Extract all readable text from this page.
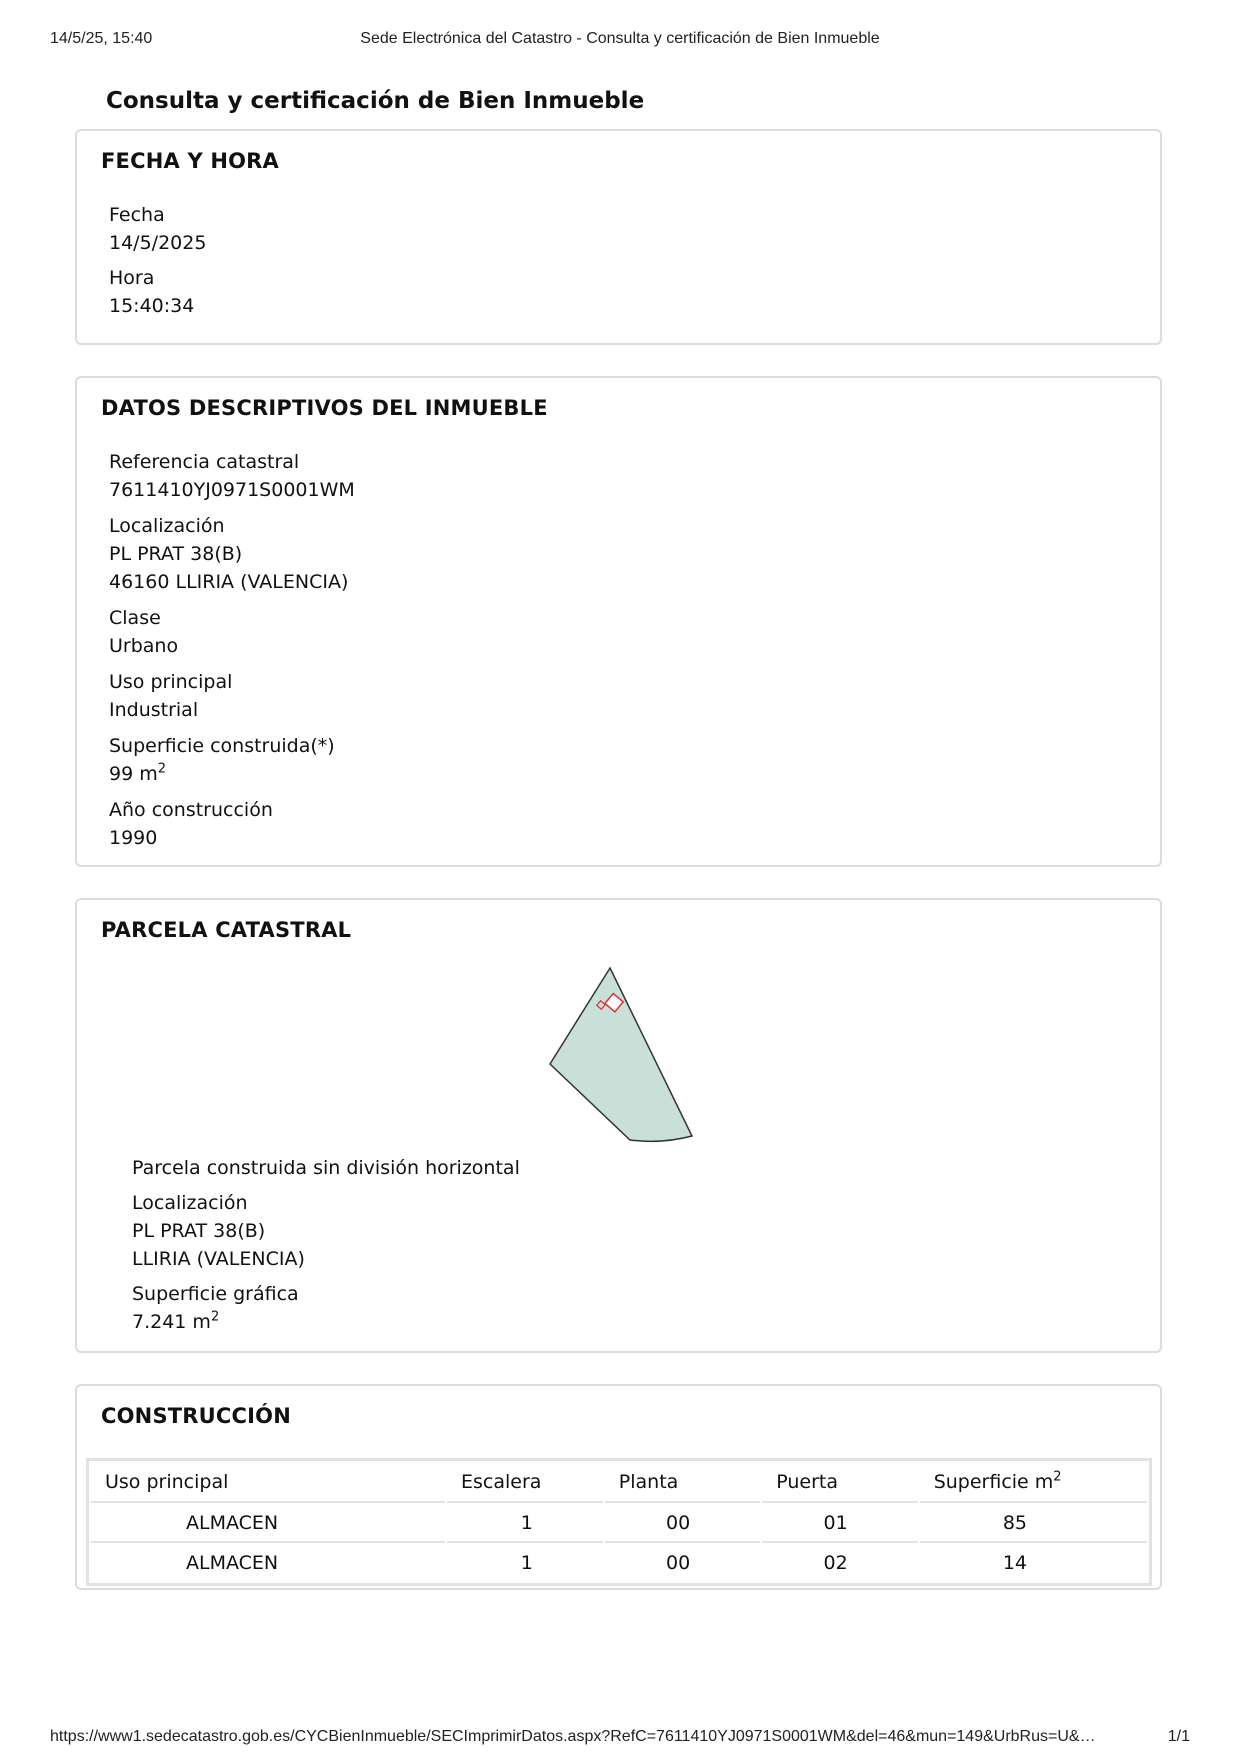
14/5/25, 15:40	Sede Electrónica del Catastro - Consulta y certificación de Bien Inmueble
Consulta y certificación de Bien Inmueble
FECHA Y HORA
Fecha
14/5/2025
Hora
15:40:34
DATOS DESCRIPTIVOS DEL INMUEBLE
Referencia catastral
7611410YJ0971S0001WM
Localización
PL PRAT 38(B)
46160 LLIRIA (VALENCIA)
Clase
Urbano
Uso principal
Industrial
Superficie construida(*)
99 $m^2$
Año construcción
1990
PARCELA CATASTRAL
Parcela construida sin división horizontal
Localización
PL PRAT 38(B)
LLIRIA (VALENCIA)
Superficie gráfica
7.241 $m^2$
CONSTRUCCIÓN
Uso principal	Escalera	Planta	Puerta	Superficie $m^2$
ALMACEN	1	00	01	85
ALMACEN	1	00	02	14
https://www1.sedecatastro.gob.es/CYCBienInmueble/SECImprimirDatos.aspx?RefC=7611410YJ0971S0001WM&del=46&mun=149&UrbRus=U&…	1/1
